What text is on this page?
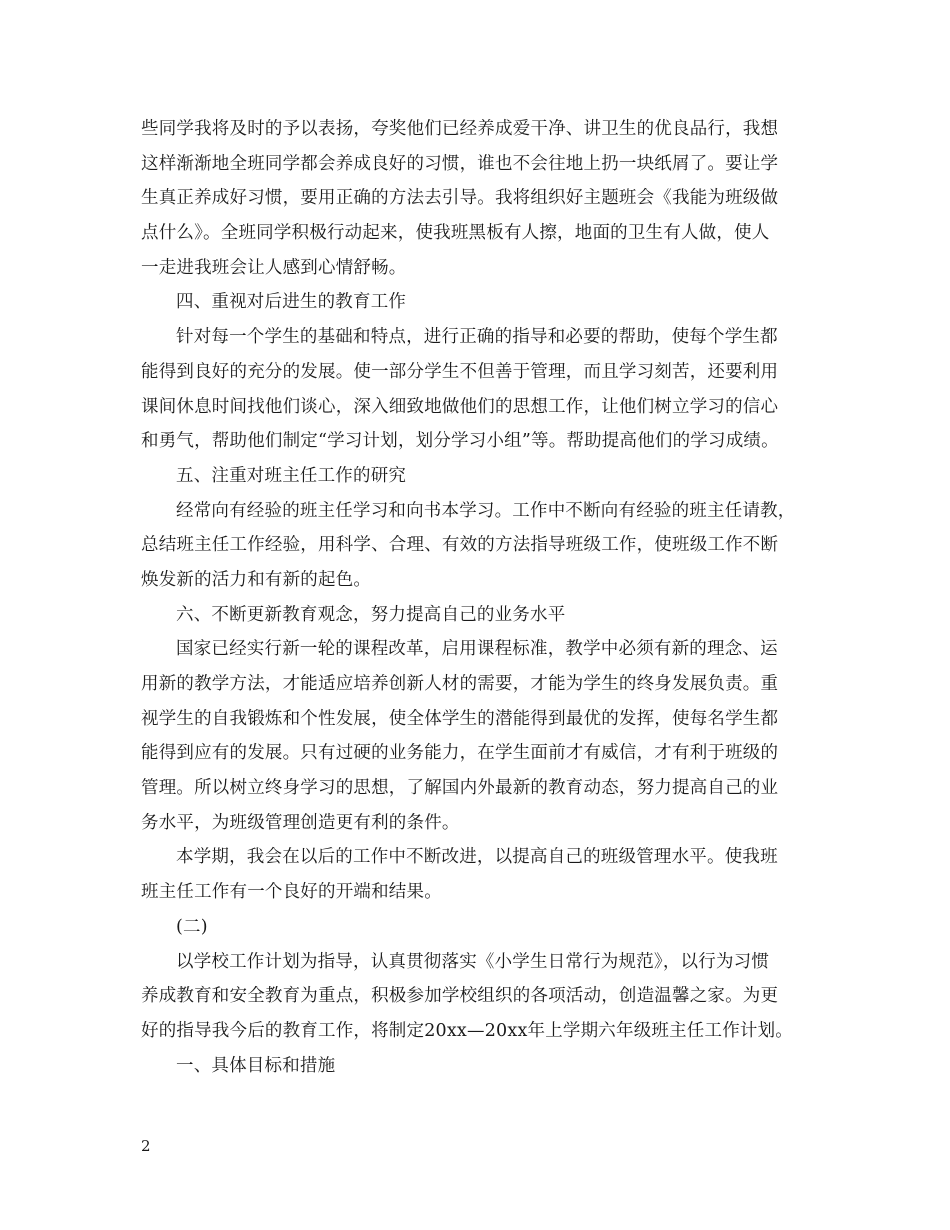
些同学我将及时的予以表扬，夸奖他们已经养成爱干净、讲卫生的优良品行，我想
这样渐渐地全班同学都会养成良好的习惯，谁也不会往地上扔一块纸屑了。要让学
生真正养成好习惯，要用正确的方法去引导。我将组织好主题班会《我能为班级做
点什么》。全班同学积极行动起来，使我班黑板有人擦，地面的卫生有人做，使人
一走进我班会让人感到心情舒畅。
四、重视对后进生的教育工作
针对每一个学生的基础和特点，进行正确的指导和必要的帮助，使每个学生都
能得到良好的充分的发展。使一部分学生不但善于管理，而且学习刻苦，还要利用
课间休息时间找他们谈心，深入细致地做他们的思想工作，让他们树立学习的信心
和勇气，帮助他们制定“学习计划，划分学习小组”等。帮助提高他们的学习成绩。
五、注重对班主任工作的研究
经常向有经验的班主任学习和向书本学习。工作中不断向有经验的班主任请教，
总结班主任工作经验，用科学、合理、有效的方法指导班级工作，使班级工作不断
焕发新的活力和有新的起色。
六、不断更新教育观念，努力提高自己的业务水平
国家已经实行新一轮的课程改革，启用课程标准，教学中必须有新的理念、运
用新的教学方法，才能适应培养创新人材的需要，才能为学生的终身发展负责。重
视学生的自我锻炼和个性发展，使全体学生的潜能得到最优的发挥，使每名学生都
能得到应有的发展。只有过硬的业务能力，在学生面前才有威信，才有利于班级的
管理。所以树立终身学习的思想，了解国内外最新的教育动态，努力提高自己的业
务水平，为班级管理创造更有利的条件。
本学期，我会在以后的工作中不断改进，以提高自己的班级管理水平。使我班
班主任工作有一个良好的开端和结果。
(二)
以学校工作计划为指导，认真贯彻落实《小学生日常行为规范》，以行为习惯
养成教育和安全教育为重点，积极参加学校组织的各项活动，创造温馨之家。为更
好的指导我今后的教育工作，将制定20xx—20xx年上学期六年级班主任工作计划。
一、具体目标和措施
2
